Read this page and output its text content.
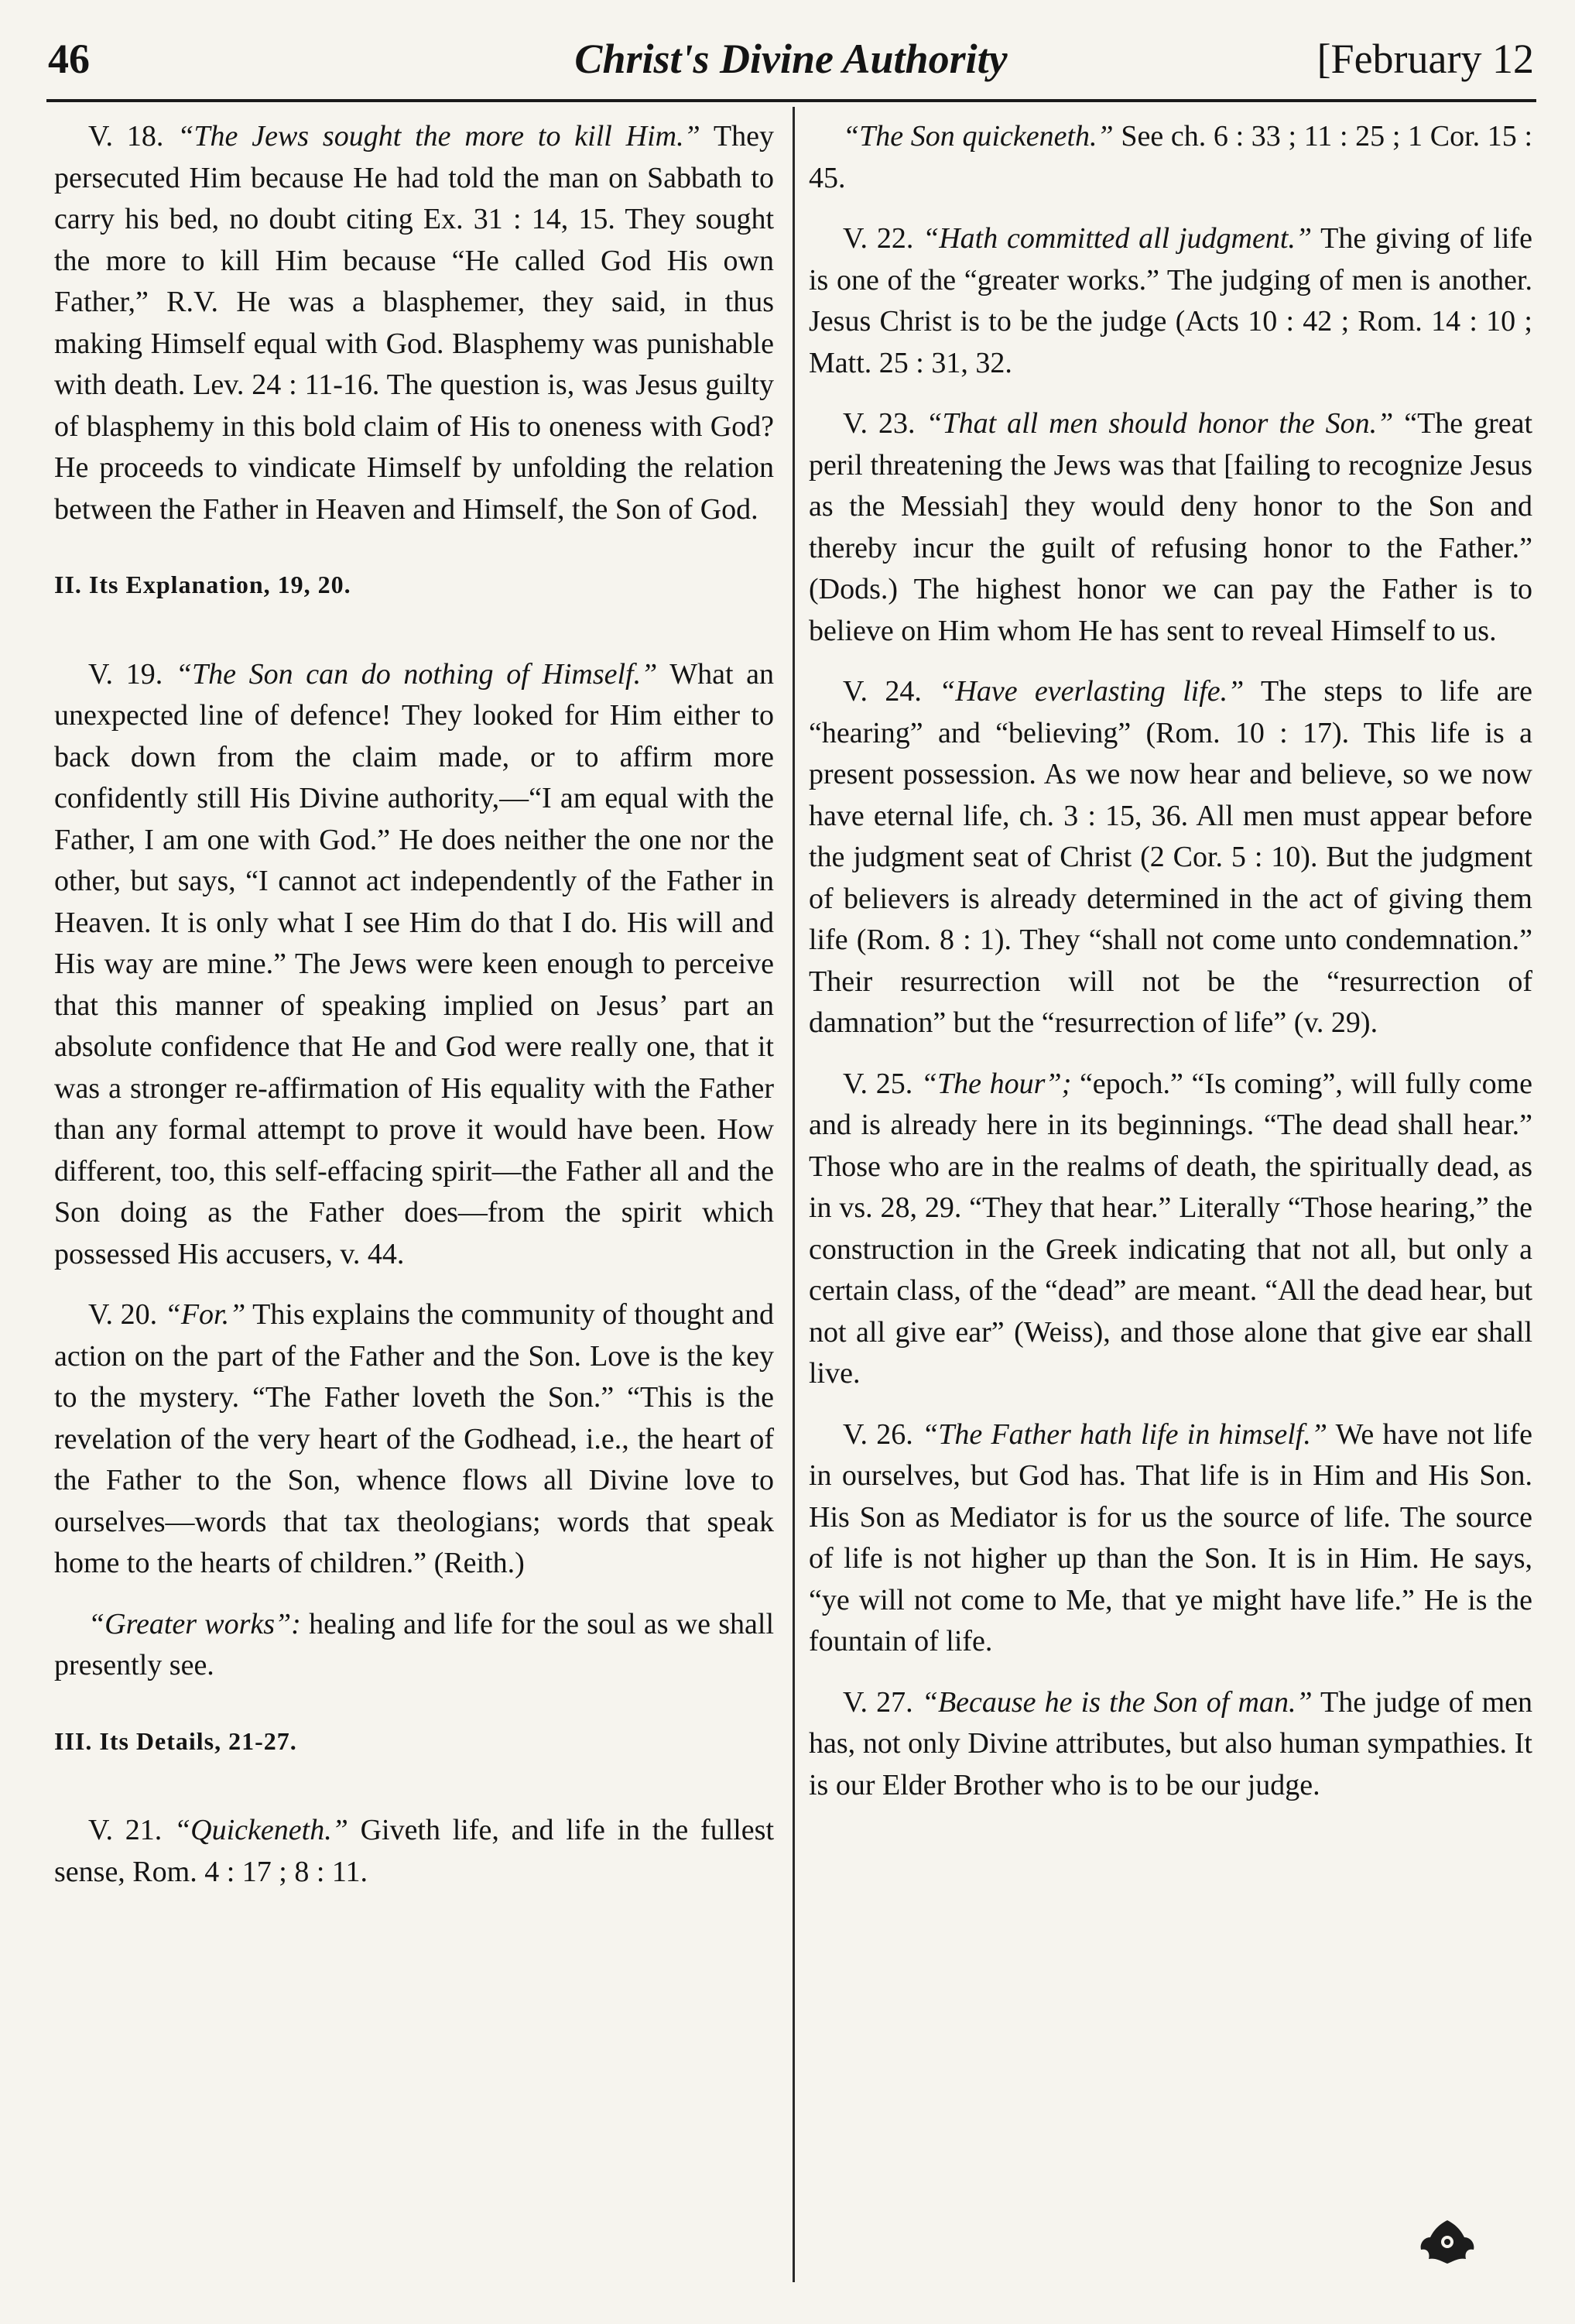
46	Christ's Divine Authority	[February 12

V. 18. “The Jews sought the more to kill Him.” They persecuted Him because He had told the man on Sabbath to carry his bed, no doubt citing Ex. 31 : 14, 15. They sought the more to kill Him because “He called God His own Father,” R.V. He was a blasphemer, they said, in thus making Himself equal with God. Blasphemy was punishable with death. Lev. 24 : 11-16. The question is, was Jesus guilty of blasphemy in this bold claim of His to oneness with God? He proceeds to vindicate Himself by unfolding the relation between the Father in Heaven and Himself, the Son of God.

II. Its Explanation, 19, 20.

V. 19. “The Son can do nothing of Himself.” What an unexpected line of defence! They looked for Him either to back down from the claim made, or to affirm more confidently still His Divine authority,—“I am equal with the Father, I am one with God.” He does neither the one nor the other, but says, “I cannot act independently of the Father in Heaven. It is only what I see Him do that I do. His will and His way are mine.” The Jews were keen enough to perceive that this manner of speaking implied on Jesus’ part an absolute confidence that He and God were really one, that it was a stronger re-affirmation of His equality with the Father than any formal attempt to prove it would have been. How different, too, this self-effacing spirit—the Father all and the Son doing as the Father does—from the spirit which possessed His accusers, v. 44.

V. 20. “For.” This explains the community of thought and action on the part of the Father and the Son. Love is the key to the mystery. “The Father loveth the Son.” “This is the revelation of the very heart of the Godhead, i.e., the heart of the Father to the Son, whence flows all Divine love to ourselves—words that tax theologians; words that speak home to the hearts of children.” (Reith.)

“Greater works”: healing and life for the soul as we shall presently see.

III. Its Details, 21-27.

V. 21. “Quickeneth.” Giveth life, and life in the fullest sense, Rom. 4 : 17 ; 8 : 11.

“The Son quickeneth.” See ch. 6 : 33 ; 11 : 25 ; 1 Cor. 15 : 45.

V. 22. “Hath committed all judgment.” The giving of life is one of the “greater works.” The judging of men is another. Jesus Christ is to be the judge (Acts 10 : 42 ; Rom. 14 : 10 ; Matt. 25 : 31, 32.

V. 23. “That all men should honor the Son.” “The great peril threatening the Jews was that [failing to recognize Jesus as the Messiah] they would deny honor to the Son and thereby incur the guilt of refusing honor to the Father.” (Dods.) The highest honor we can pay the Father is to believe on Him whom He has sent to reveal Himself to us.

V. 24. “Have everlasting life.” The steps to life are “hearing” and “believing” (Rom. 10 : 17). This life is a present possession. As we now hear and believe, so we now have eternal life, ch. 3 : 15, 36. All men must appear before the judgment seat of Christ (2 Cor. 5 : 10). But the judgment of believers is already determined in the act of giving them life (Rom. 8 : 1). They “shall not come unto condemnation.” Their resurrection will not be the “resurrection of damnation” but the “resurrection of life” (v. 29).

V. 25. “The hour”; “epoch.” “Is coming”, will fully come and is already here in its beginnings. “The dead shall hear.” Those who are in the realms of death, the spiritually dead, as in vs. 28, 29. “They that hear.” Literally “Those hearing,” the construction in the Greek indicating that not all, but only a certain class, of the “dead” are meant. “All the dead hear, but not all give ear” (Weiss), and those alone that give ear shall live.

V. 26. “The Father hath life in himself.” We have not life in ourselves, but God has. That life is in Him and His Son. His Son as Mediator is for us the source of life. The source of life is not higher up than the Son. It is in Him. He says, “ye will not come to Me, that ye might have life.” He is the fountain of life.

V. 27. “Because he is the Son of man.” The judge of men has, not only Divine attributes, but also human sympathies. It is our Elder Brother who is to be our judge.
